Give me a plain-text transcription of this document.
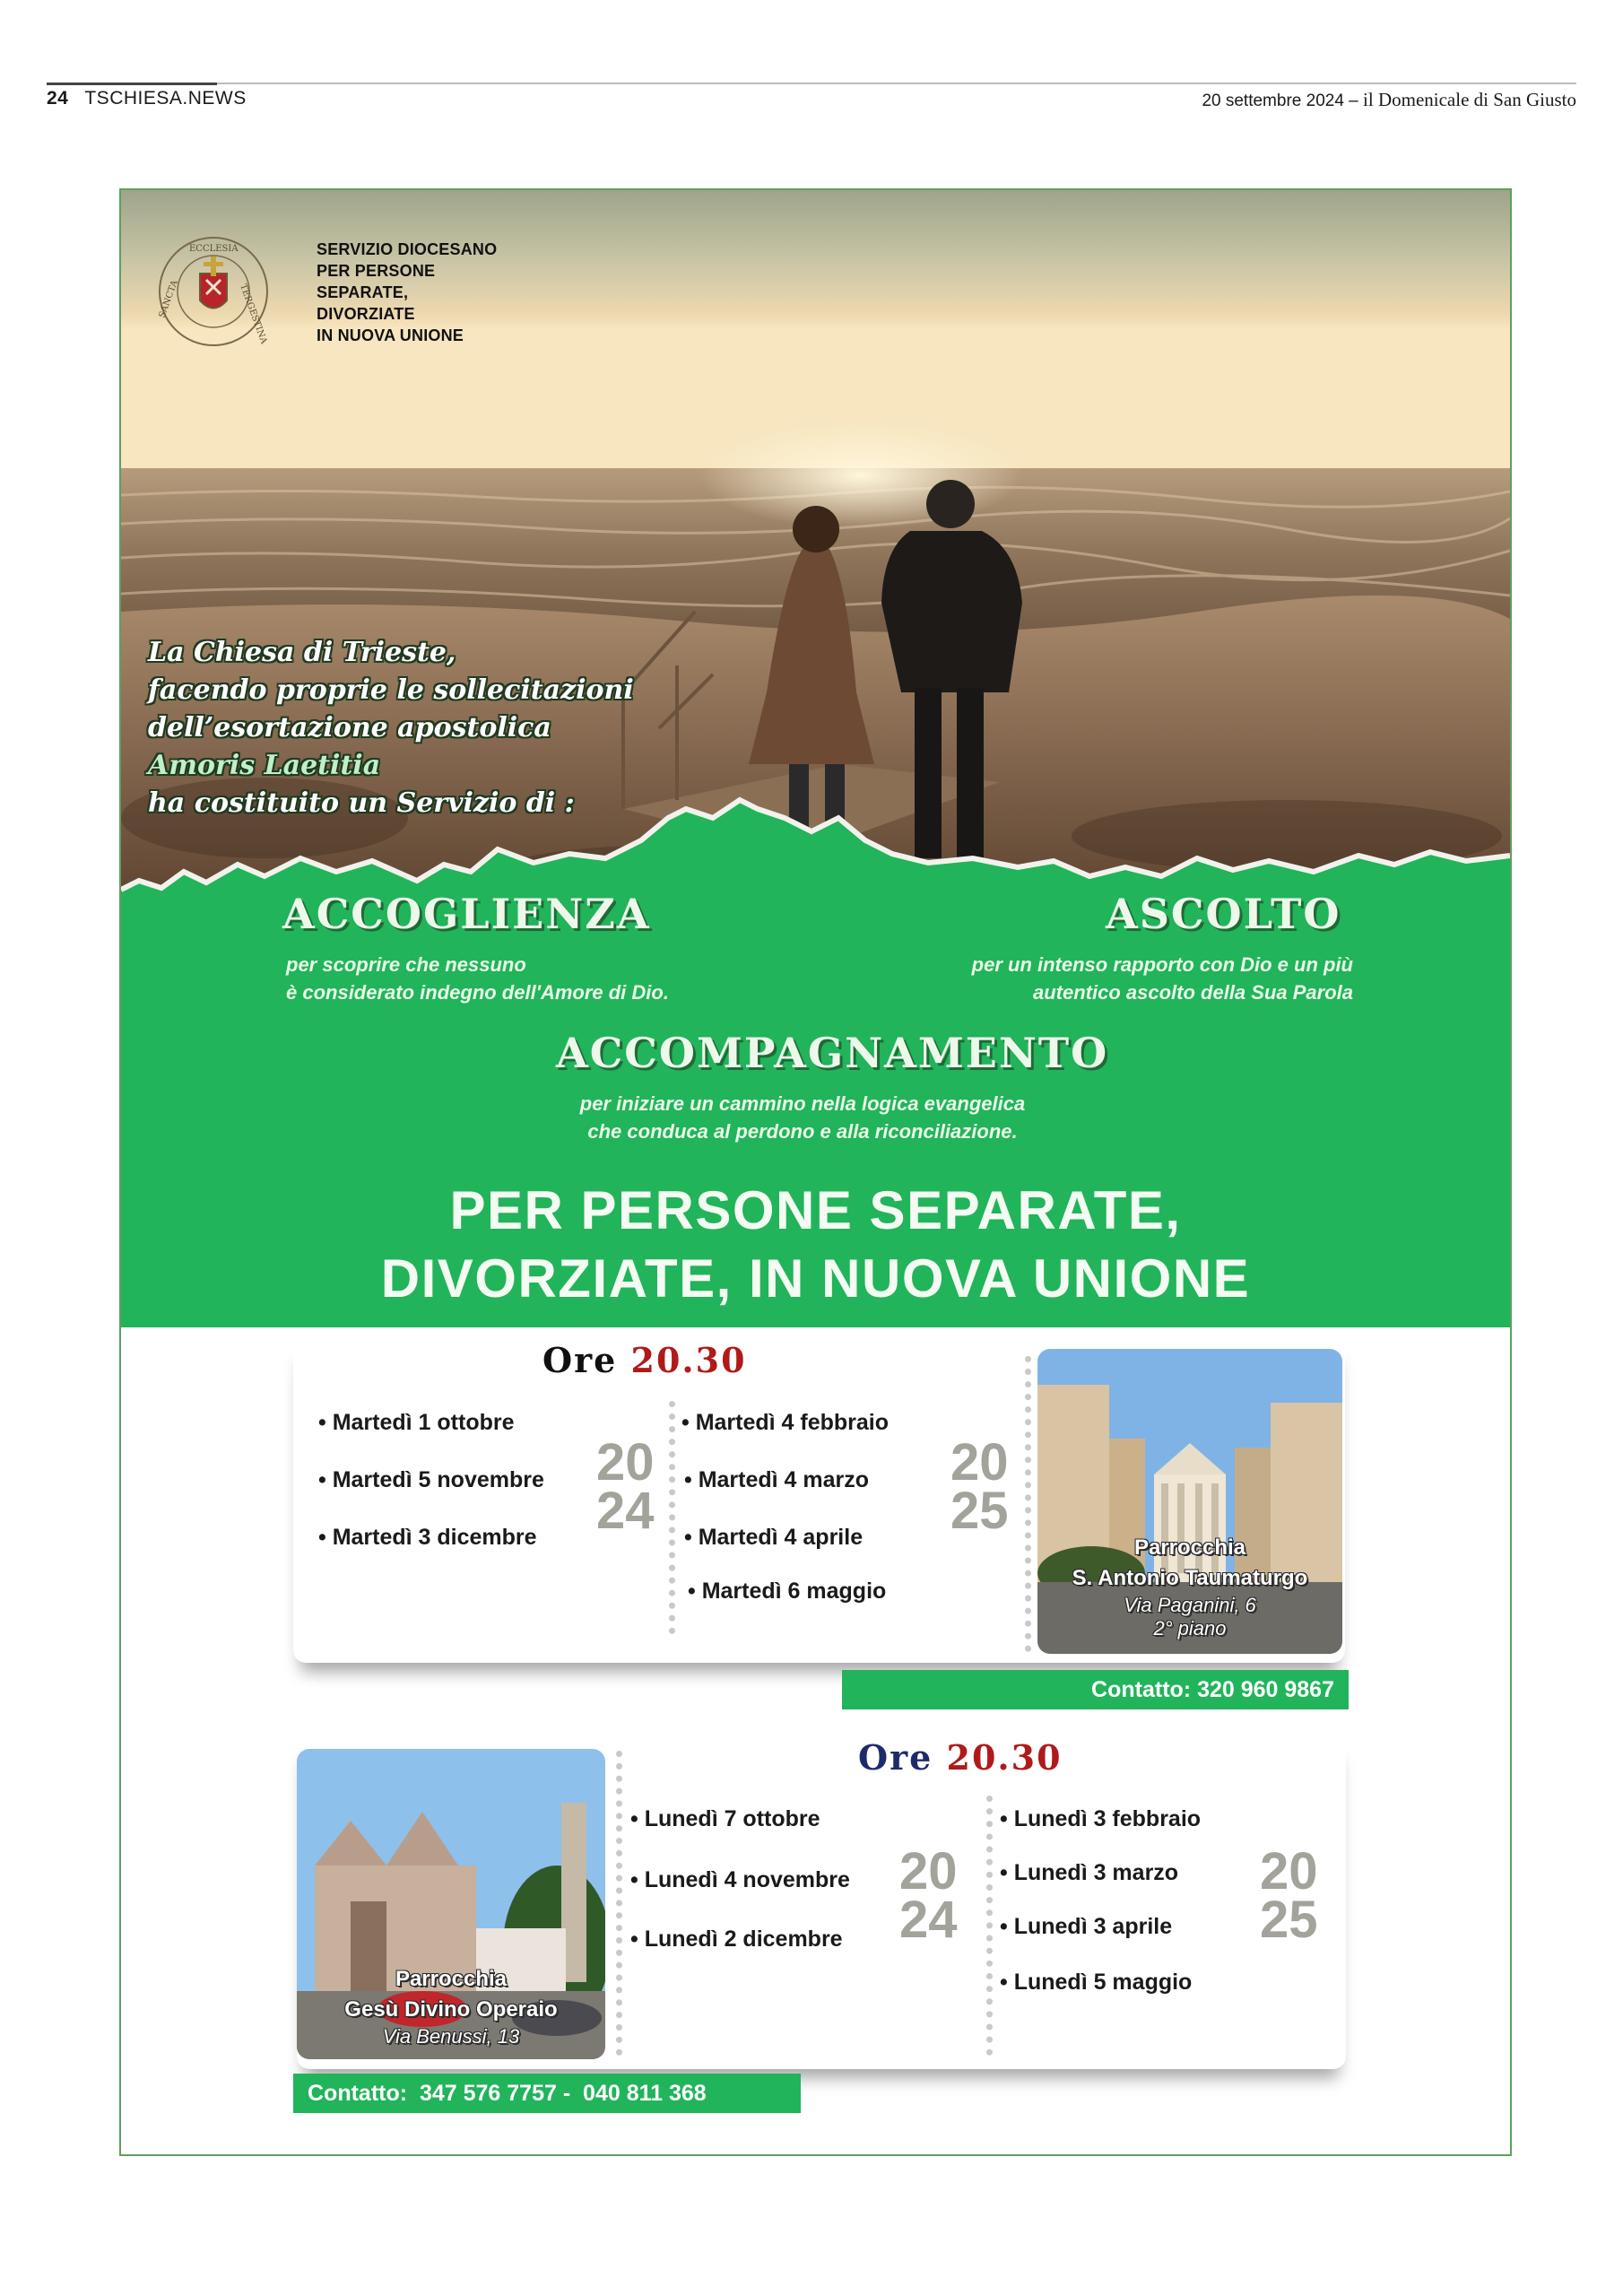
24 TSCHIESA.NEWS	20 settembre 2024 – il Domenicale di San Giusto
ECCLESIA
TERGESTINA
SANCTA
SERVIZIO DIOCESANO
PER PERSONE
SEPARATE,
DIVORZIATE
IN NUOVA UNIONE
La Chiesa di Trieste,
facendo proprie le sollecitazioni
dell’esortazione apostolica
Amoris Laetitia
ha costituito un Servizio di :
ACCOGLIENZA
per scoprire che nessuno
è considerato indegno dell'Amore di Dio.
ASCOLTO
per un intenso rapporto con Dio e un più
autentico ascolto della Sua Parola
ACCOMPAGNAMENTO
per iniziare un cammino nella logica evangelica
che conduca al perdono e alla riconciliazione.
PER PERSONE SEPARATE,
DIVORZIATE, IN NUOVA UNIONE
Ore 20.30
• Martedì 1 ottobre
• Martedì 5 novembre
• Martedì 3 dicembre
20
24
• Martedì 4 febbraio
• Martedì 4 marzo
• Martedì 4 aprile
• Martedì 6 maggio
20
25
Parrocchia
S. Antonio Taumaturgo
Via Paganini, 6
2° piano
Contatto: 320 960 9867
Parrocchia
Gesù Divino Operaio
Via Benussi, 13
Ore 20.30
• Lunedì 7 ottobre
• Lunedì 4 novembre
• Lunedì 2 dicembre
20
24
• Lunedì 3 febbraio
• Lunedì 3 marzo
• Lunedì 3 aprile
• Lunedì 5 maggio
20
25
Contatto:  347 576 7757 -  040 811 368
